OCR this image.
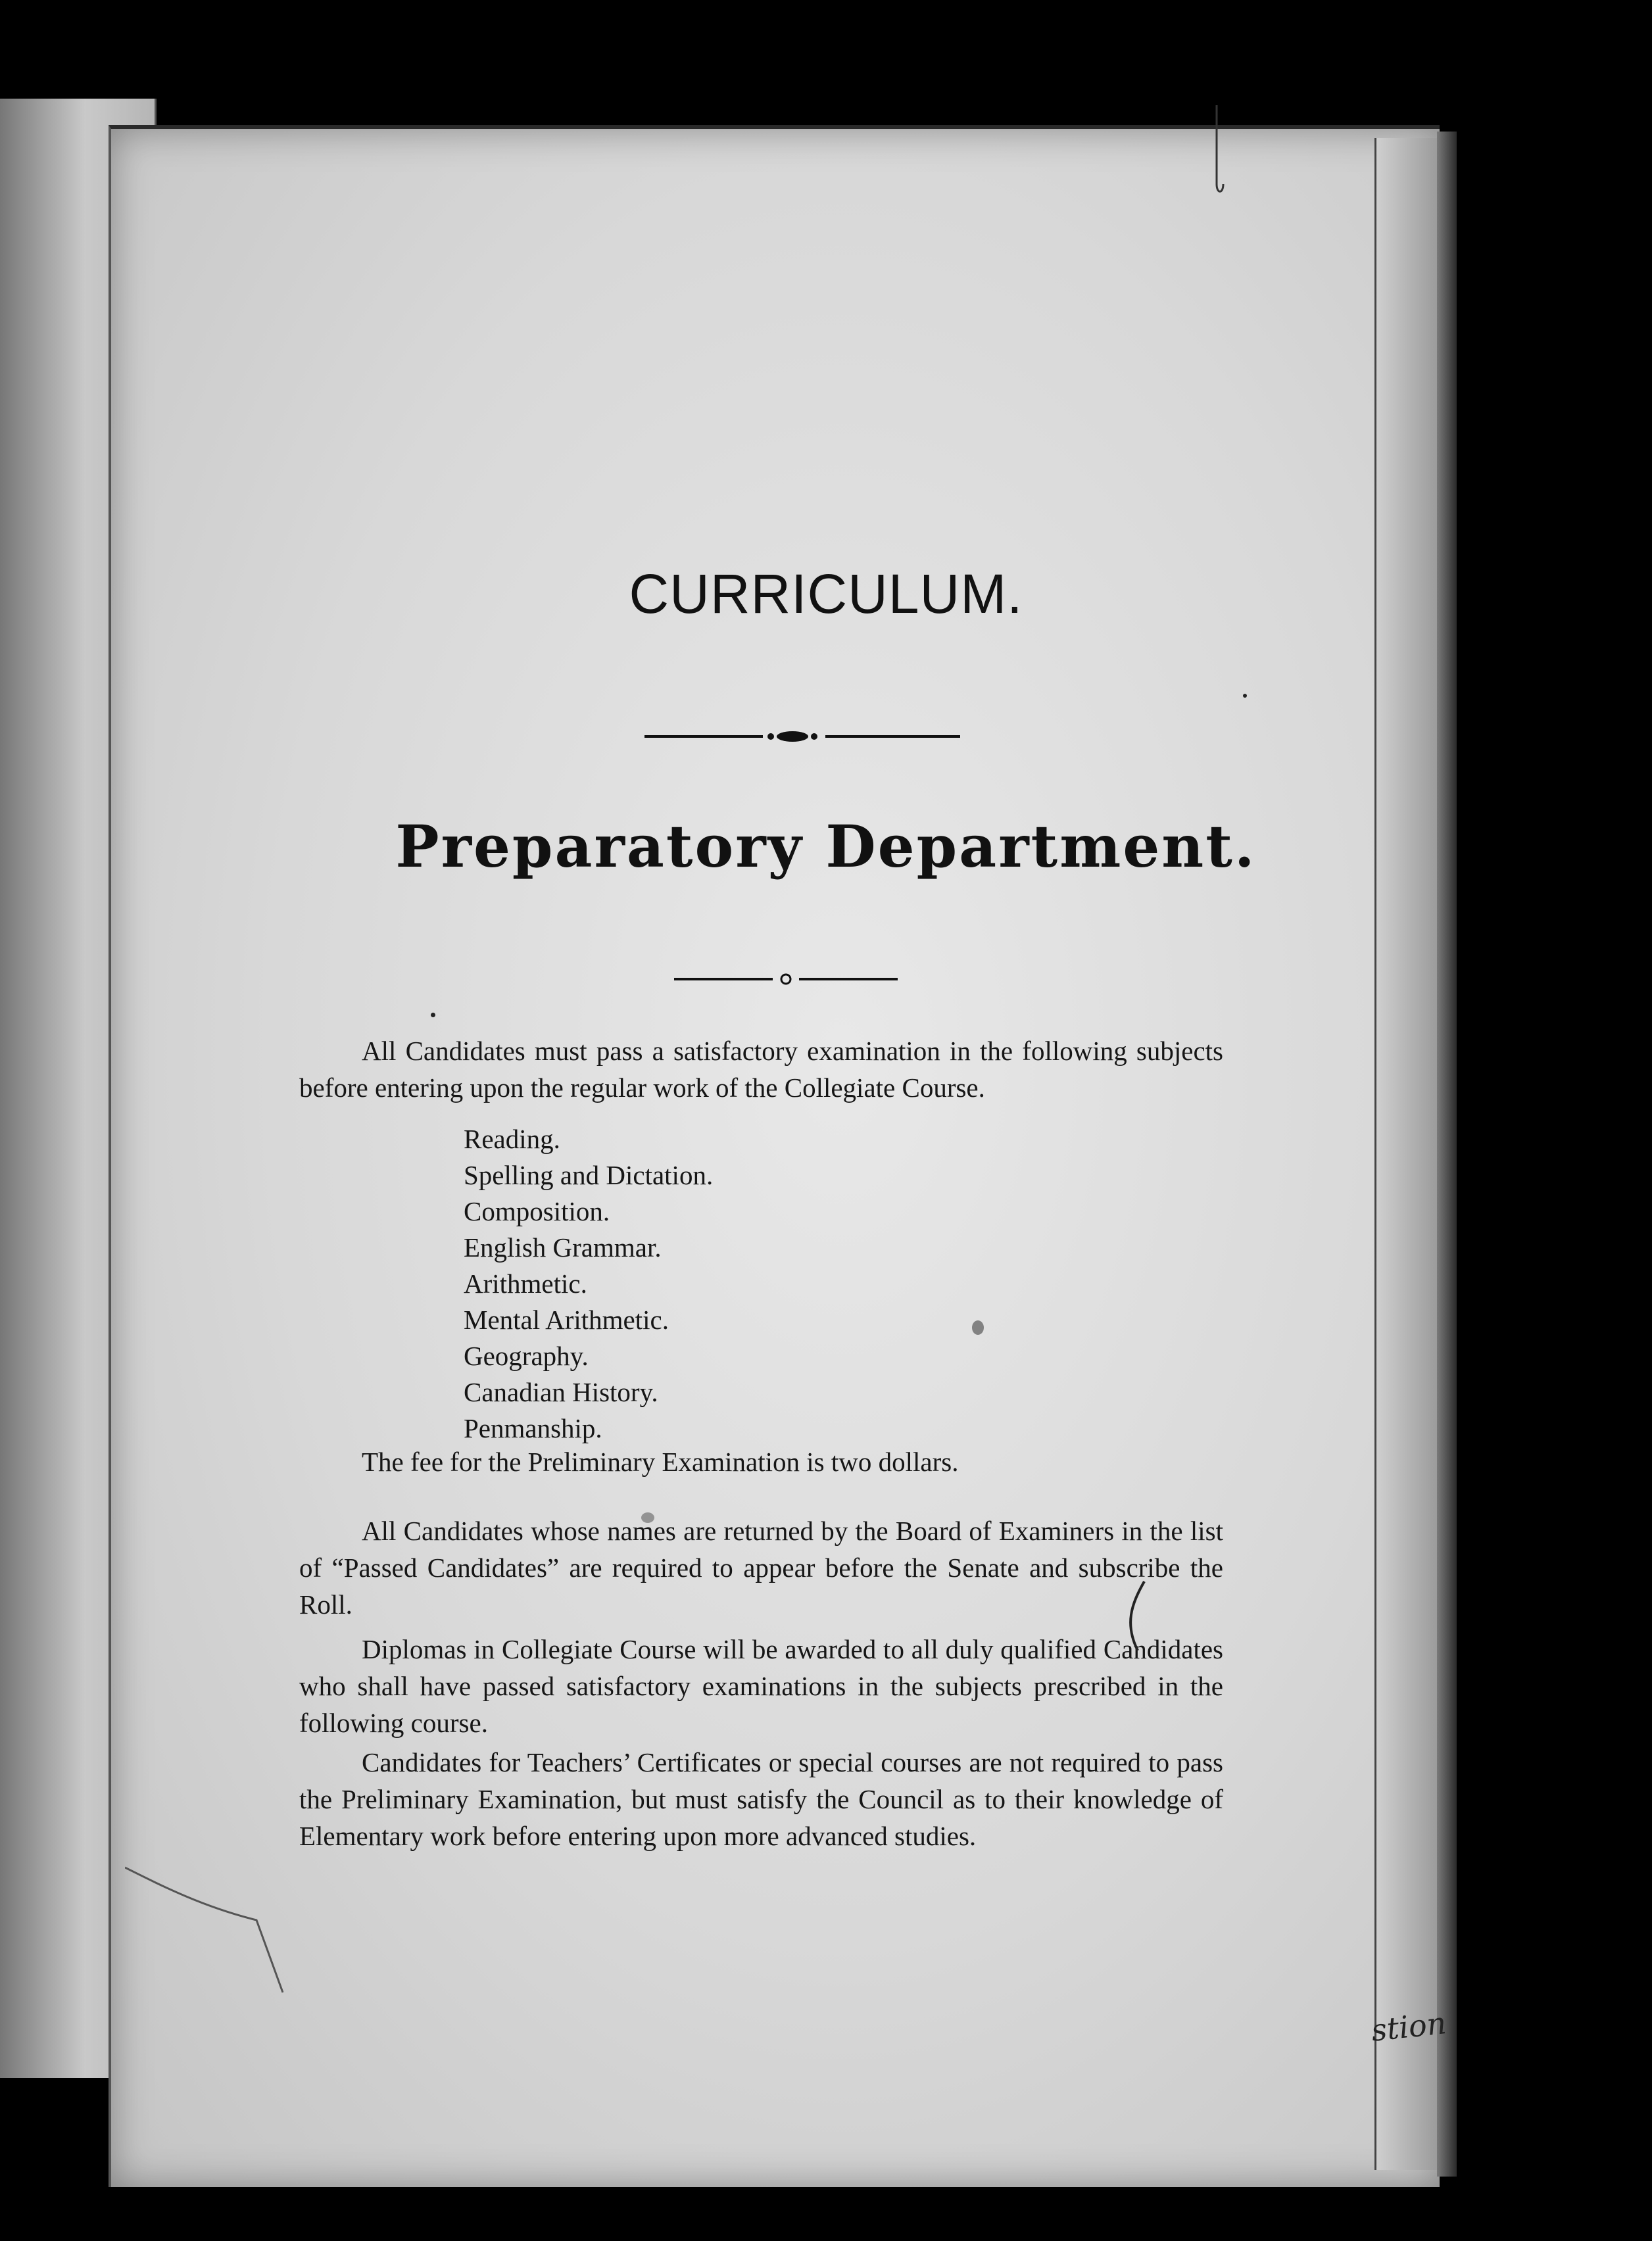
CURRICULUM.
Preparatory Department.

All Candidates must pass a satisfactory examination in the following subjects before entering upon the regular work of the Collegiate Course.

Reading.
Spelling and Dictation.
Composition.
English Grammar.
Arithmetic.
Mental Arithmetic.
Geography.
Canadian History.
Penmanship.

The fee for the Preliminary Examination is two dollars.

All Candidates whose names are returned by the Board of Examiners in the list of “Passed Candidates” are required to appear before the Senate and subscribe the Roll.

Diplomas in Collegiate Course will be awarded to all duly qualified Candidates who shall have passed satisfactory examinations in the subjects prescribed in the following course.

Candidates for Teachers’ Certificates or special courses are not required to pass the Preliminary Examination, but must satisfy the Council as to their knowledge of Elementary work before entering upon more advanced studies.

stion
